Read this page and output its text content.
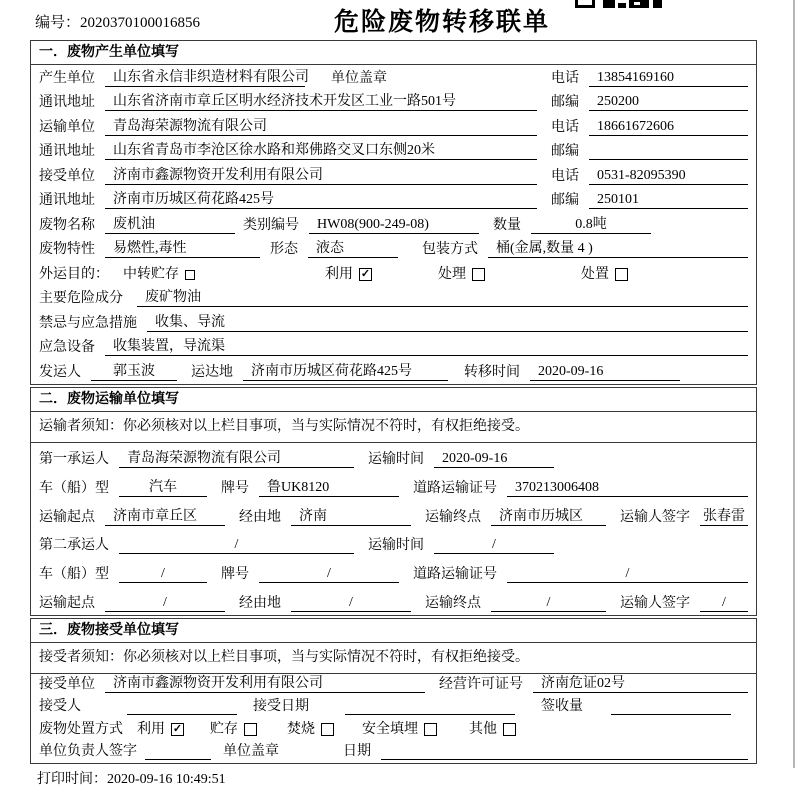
编号：2020370100016856	危险废物转移联单
一．废物产生单位填写
产生单位	山东省永信非织造材料有限公司 单位盖章	电话	13854169160
通讯地址	山东省济南市章丘区明水经济技术开发区工业一路501号	邮编	250200
运输单位	青岛海荣源物流有限公司	电话	18661672606
通讯地址	山东省青岛市李沧区徐水路和郑佛路交叉口东侧20米	邮编
接受单位	济南市鑫源物资开发利用有限公司	电话	0531-82095390
通讯地址	济南市历城区荷花路425号	邮编	250101
废物名称	废机油	类别编号	HW08(900-249-08)	数量	0.8吨
废物特性	易燃性,毒性	形态	液态	包装方式	桶(金属,数量 4 )
外运目的： 中转贮存	利用 ✓	处理	处置
主要危险成分	废矿物油
禁忌与应急措施	收集、导流
应急设备	收集装置，导流渠
发运人	郭玉波	运达地	济南市历城区荷花路425号	转移时间	2020-09-16
二．废物运输单位填写
运输者须知：你必须核对以上栏目事项，当与实际情况不符时，有权拒绝接受。
第一承运人	青岛海荣源物流有限公司	运输时间	2020-09-16
车（船）型	汽车	牌号	鲁UK8120	道路运输证号	370213006408
运输起点	济南市章丘区	经由地	济南	运输终点	济南市历城区	运输人签字 张春雷
第二承运人	/	运输时间	/
车（船）型	/	牌号	/	道路运输证号	/
运输起点	/	经由地	/	运输终点	/	运输人签字	/
三．废物接受单位填写
接受者须知：你必须核对以上栏目事项，当与实际情况不符时，有权拒绝接受。
接受单位	济南市鑫源物资开发利用有限公司	经营许可证号	济南危证02号
接受人	接受日期	签收量
废物处置方式 利用 ✓ 贮存	焚烧	安全填埋	其他
单位负责人签字	单位盖章	日期
打印时间：2020-09-16 10:49:51
